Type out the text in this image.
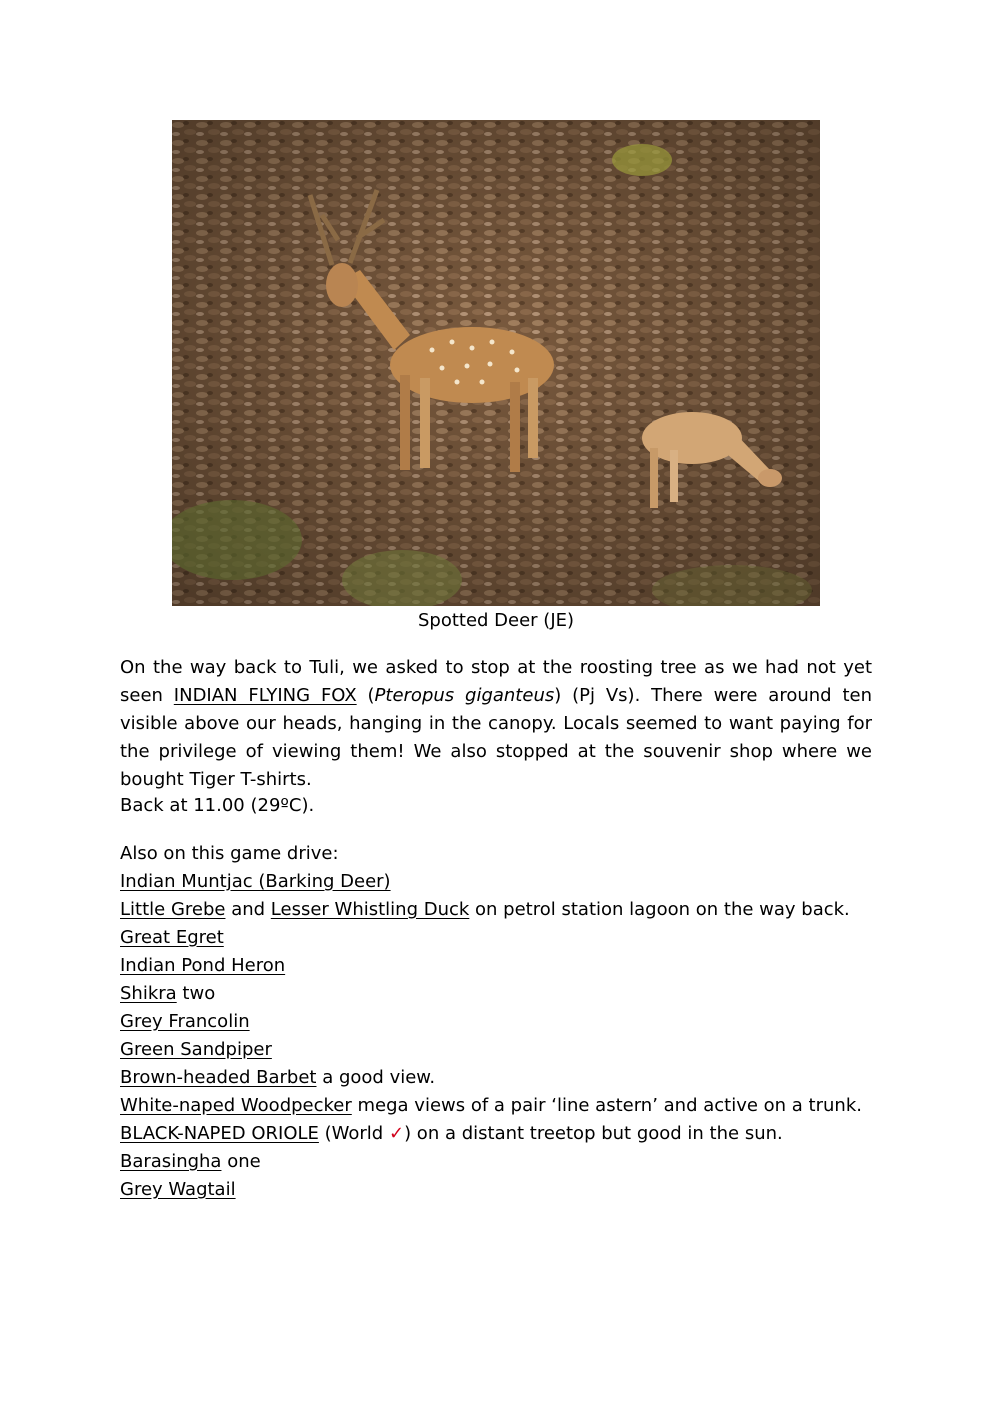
Spotted Deer (JE)
On the way back to Tuli, we asked to stop at the roosting tree as we had not yet seen INDIAN FLYING FOX (Pteropus giganteus) (Pj Vs). There were around ten visible above our heads, hanging in the canopy. Locals seemed to want paying for the privilege of viewing them! We also stopped at the souvenir shop where we bought Tiger T-shirts.
Back at 11.00 (29ºC).
Also on this game drive:
Indian Muntjac (Barking Deer)
Little Grebe and Lesser Whistling Duck on petrol station lagoon on the way back.
Great Egret
Indian Pond Heron
Shikra two
Grey Francolin
Green Sandpiper
Brown-headed Barbet a good view.
White-naped Woodpecker mega views of a pair ‘line astern’ and active on a trunk.
BLACK-NAPED ORIOLE (World ✓) on a distant treetop but good in the sun.
Barasingha one
Grey Wagtail
